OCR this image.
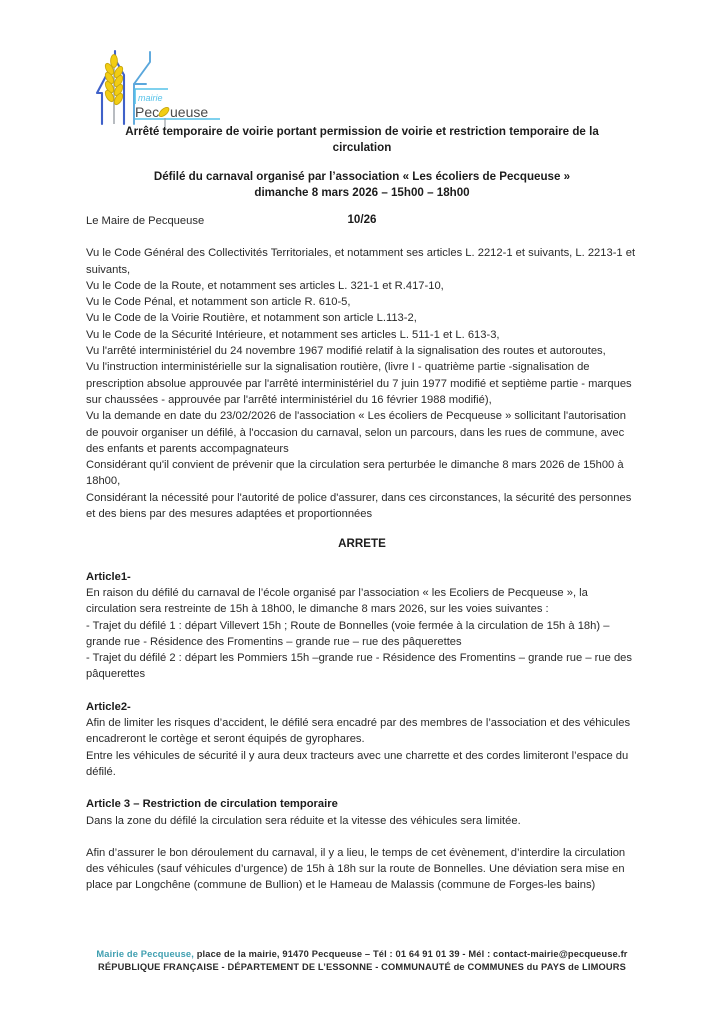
mairie
Pec ueuse
Arrêté temporaire de voirie portant permission de voirie et restriction temporaire de la circulation
Défilé du carnaval organisé par l’association « Les écoliers de Pecqueuse »
dimanche 8 mars 2026 – 15h00 – 18h00
10/26

Le Maire de Pecqueuse

Vu le Code Général des Collectivités Territoriales, et notamment ses articles L. 2212-1 et suivants, L. 2213-1 et suivants,

Vu le Code de la Route, et notamment ses articles L. 321-1 et R.417-10,

Vu le Code Pénal, et notamment son article R. 610-5,

Vu le Code de la Voirie Routière, et notamment son article L.113-2,

Vu le Code de la Sécurité Intérieure, et notamment ses articles L. 511-1 et L. 613-3,

Vu l'arrêté interministériel du 24 novembre 1967 modifié relatif à la signalisation des routes et autoroutes,

Vu l'instruction interministérielle sur la signalisation routière, (livre I - quatrième partie -signalisation de prescription absolue approuvée par l'arrêté interministériel du 7 juin 1977 modifié et septième partie - marques sur chaussées - approuvée par l'arrêté interministériel du 16 février 1988 modifié),

Vu la demande en date du 23/02/2026 de l'association « Les écoliers de Pecqueuse » sollicitant l'autorisation de pouvoir organiser un défilé, à l'occasion du carnaval, selon un parcours, dans les rues de commune, avec des enfants et parents accompagnateurs

Considérant qu'il convient de prévenir que la circulation sera perturbée le dimanche 8 mars 2026 de 15h00 à 18h00,

Considérant la nécessité pour l'autorité de police d'assurer, dans ces circonstances, la sécurité des personnes et des biens par des mesures adaptées et proportionnées

ARRETE

Article1-

En raison du défilé du carnaval de l’école organisé par l’association « les Ecoliers de Pecqueuse », la circulation sera restreinte de 15h à 18h00, le dimanche 8 mars 2026, sur les voies suivantes :

- Trajet du défilé 1 : départ Villevert 15h ; Route de Bonnelles (voie fermée à la circulation de 15h à 18h) –grande rue - Résidence des Fromentins – grande rue – rue des pâquerettes

- Trajet du défilé 2 : départ les Pommiers 15h –grande rue - Résidence des Fromentins – grande rue – rue des pâquerettes

Article2-

Afin de limiter les risques d’accident, le défilé sera encadré par des membres de l’association et des véhicules encadreront le cortège et seront équipés de gyrophares.

Entre les véhicules de sécurité il y aura deux tracteurs avec une charrette et des cordes limiteront l’espace du défilé.

Article 3 – Restriction de circulation temporaire

Dans la zone du défilé la circulation sera réduite et la vitesse des véhicules sera limitée.

Afin d’assurer le bon déroulement du carnaval, il y a lieu, le temps de cet évènement, d’interdire la circulation des véhicules (sauf véhicules d’urgence) de 15h à 18h sur la route de Bonnelles. Une déviation sera mise en place par Longchêne (commune de Bullion) et le Hameau de Malassis (commune de Forges-les bains)

Mairie de Pecqueuse, place de la mairie, 91470 Pecqueuse – Tél : 01 64 91 01 39 - Mél : contact-mairie@pecqueuse.fr
RÉPUBLIQUE FRANÇAISE - DÉPARTEMENT DE L’ESSONNE - COMMUNAUTÉ de COMMUNES du PAYS de LIMOURS
